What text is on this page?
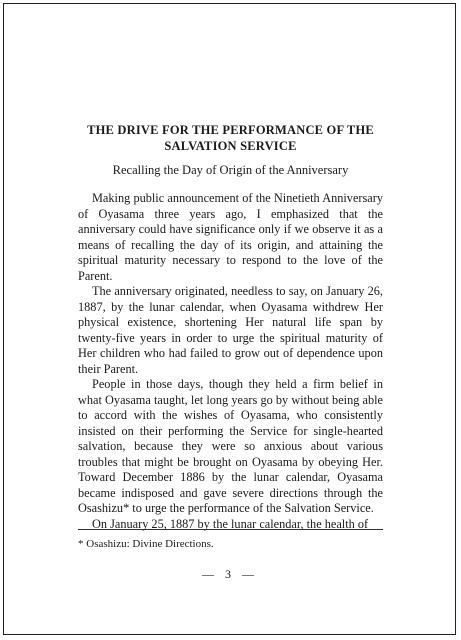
THE DRIVE FOR THE PERFORMANCE OF THE SALVATION SERVICE
Recalling the Day of Origin of the Anniversary

Making public announcement of the Ninetieth Anniversary of Oyasama three years ago, I emphasized that the anniversary could have significance only if we observe it as a means of recalling the day of its origin, and attaining the spiritual maturity necessary to respond to the love of the Parent.

The anniversary originated, needless to say, on January 26, 1887, by the lunar calendar, when Oyasama withdrew Her physical existence, shortening Her natural life span by twenty-five years in order to urge the spiritual maturity of Her children who had failed to grow out of dependence upon their Parent.

People in those days, though they held a firm belief in what Oyasama taught, let long years go by without being able to accord with the wishes of Oyasama, who consistently insisted on their performing the Service for single-hearted salvation, because they were so anxious about various troubles that might be brought on Oyasama by obeying Her. Toward December 1886 by the lunar calendar, Oyasama became indisposed and gave severe directions through the Osashizu* to urge the performance of the Salvation Service.

On January 25, 1887 by the lunar calendar, the health of

* Osashizu: Divine Directions.
— 3 —
